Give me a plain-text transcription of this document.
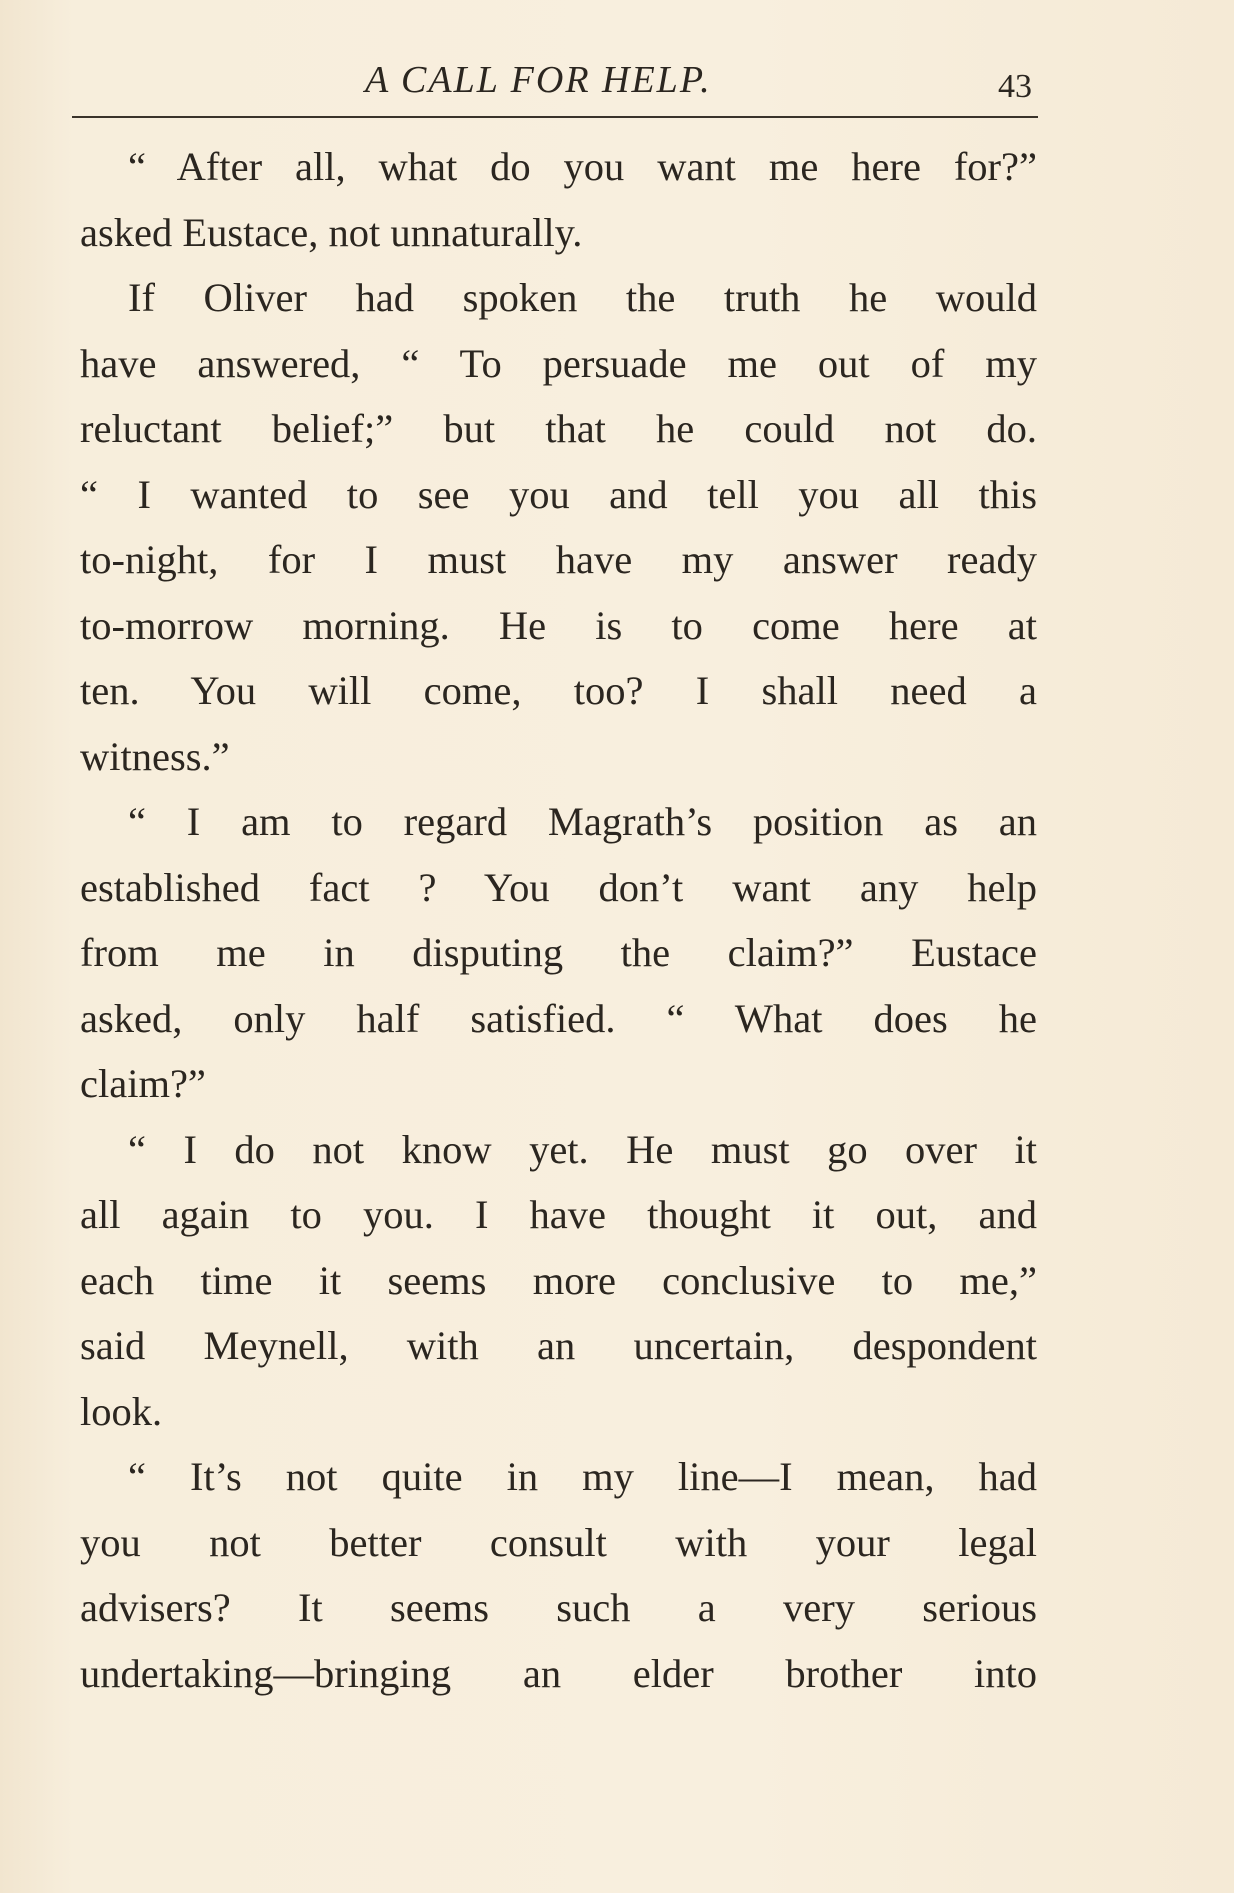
A CALL FOR HELP.	43
“ After all, what do you want me here for?”
asked Eustace, not unnaturally.
If Oliver had spoken the truth he would
have answered, “ To persuade me out of my
reluctant belief;” but that he could not do.
“ I wanted to see you and tell you all this
to-night, for I must have my answer ready
to-morrow morning. He is to come here at
ten. You will come, too? I shall need a
witness.”
“ I am to regard Magrath’s position as an
established fact ? You don’t want any help
from me in disputing the claim?” Eustace
asked, only half satisfied. “ What does he
claim?”
“ I do not know yet. He must go over it
all again to you. I have thought it out, and
each time it seems more conclusive to me,”
said Meynell, with an uncertain, despondent
look.
“ It’s not quite in my line—I mean, had
you not better consult with your legal
advisers? It seems such a very serious
undertaking—bringing an elder brother into
